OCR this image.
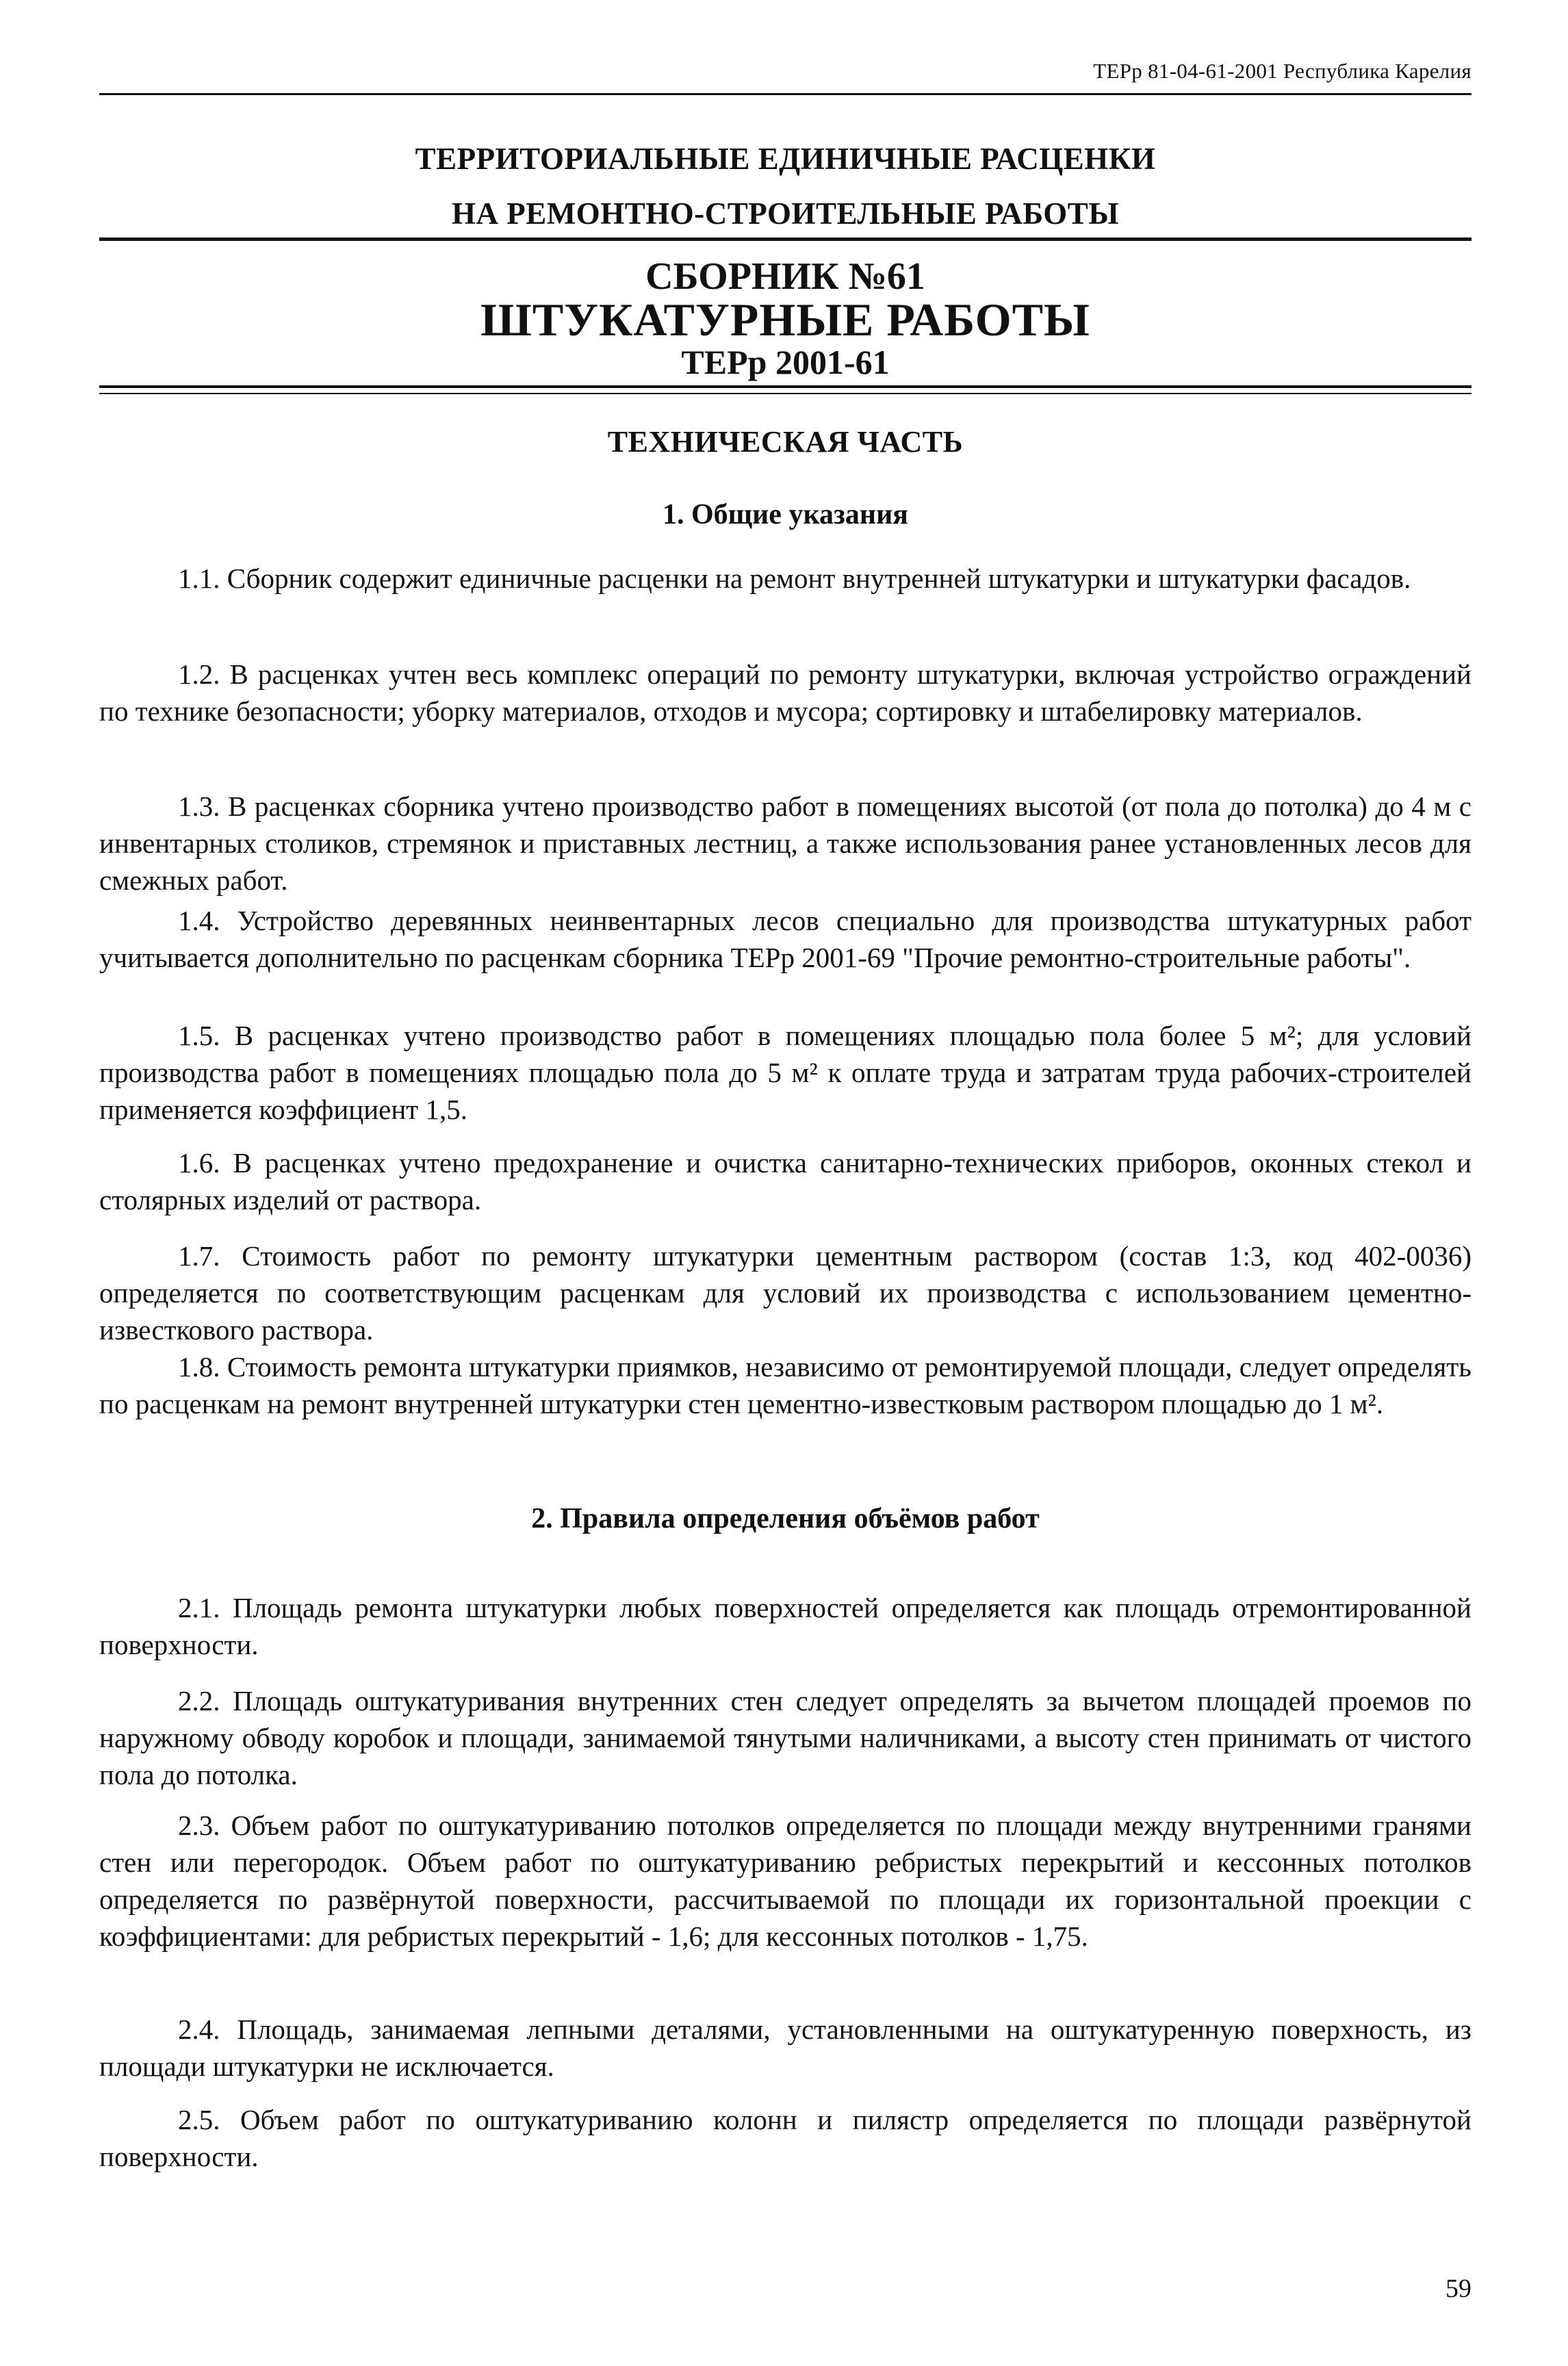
ТЕРр 81-04-61-2001 Республика Карелия
ТЕРРИТОРИАЛЬНЫЕ ЕДИНИЧНЫЕ РАСЦЕНКИ
НА РЕМОНТНО-СТРОИТЕЛЬНЫЕ РАБОТЫ
СБОРНИК №61
ШТУКАТУРНЫЕ РАБОТЫ
ТЕРр 2001-61
ТЕХНИЧЕСКАЯ ЧАСТЬ
1. Общие указания

1.1. Сборник содержит единичные расценки на ремонт внутренней штукатурки и штукатурки фасадов.

1.2. В расценках учтен весь комплекс операций по ремонту штукатурки, включая устройство ограждений по технике безопасности; уборку материалов, отходов и мусора; сортировку и штабелировку материалов.

1.3. В расценках сборника учтено производство работ в помещениях высотой (от пола до потолка) до 4 м с инвентарных столиков, стремянок и приставных лестниц, а также использования ранее установленных лесов для смежных работ.

1.4. Устройство деревянных неинвентарных лесов специально для производства штукатурных работ учитывается дополнительно по расценкам сборника ТЕРр 2001-69 "Прочие ремонтно-строительные работы".

1.5. В расценках учтено производство работ в помещениях площадью пола более 5 м²; для условий производства работ в помещениях площадью пола до 5 м² к оплате труда и затратам труда рабочих-строителей применяется коэффициент 1,5.

1.6. В расценках учтено предохранение и очистка санитарно-технических приборов, оконных стекол и столярных изделий от раствора.

1.7. Стоимость работ по ремонту штукатурки цементным раствором (состав 1:3, код 402-0036) определяется по соответствующим расценкам для условий их производства с использованием цементно-известкового раствора.

1.8. Стоимость ремонта штукатурки приямков, независимо от ремонтируемой площади, следует определять по расценкам на ремонт внутренней штукатурки стен цементно-известковым раствором площадью до 1 м².

2. Правила определения объёмов работ

2.1. Площадь ремонта штукатурки любых поверхностей определяется как площадь отремонтированной поверхности.

2.2. Площадь оштукатуривания внутренних стен следует определять за вычетом площадей проемов по наружному обводу коробок и площади, занимаемой тянутыми наличниками, а высоту стен принимать от чистого пола до потолка.

2.3. Объем работ по оштукатуриванию потолков определяется по площади между внутренними гранями стен или перегородок. Объем работ по оштукатуриванию ребристых перекрытий и кессонных потолков определяется по развёрнутой поверхности, рассчитываемой по площади их горизонтальной проекции с коэффициентами: для ребристых перекрытий - 1,6; для кессонных потолков - 1,75.

2.4. Площадь, занимаемая лепными деталями, установленными на оштукатуренную поверхность, из площади штукатурки не исключается.

2.5. Объем работ по оштукатуриванию колонн и пилястр определяется по площади развёрнутой поверхности.

59
